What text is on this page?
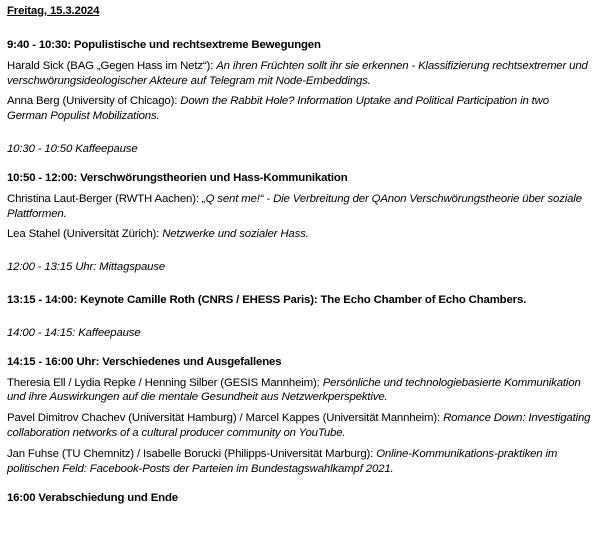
Freitag, 15.3.2024

9:40 - 10:30: Populistische und rechtsextreme Bewegungen

Harald Sick (BAG „Gegen Hass im Netz“): An ihren Früchten sollt ihr sie erkennen - Klassifizierung rechtsextremer und verschwörungsideologischer Akteure auf Telegram mit Node-Embeddings.

Anna Berg (University of Chicago): Down the Rabbit Hole? Information Uptake and Political Participation in two German Populist Mobilizations.

10:30 - 10:50 Kaffeepause

10:50 - 12:00: Verschwörungstheorien und Hass-Kommunikation

Christina Laut-Berger (RWTH Aachen): „Q sent me!“ - Die Verbreitung der QAnon Verschwörungstheorie über soziale Plattformen.

Lea Stahel (Universität Zürich): Netzwerke und sozialer Hass.

12:00 - 13:15 Uhr: Mittagspause

13:15 - 14:00: Keynote Camille Roth (CNRS / EHESS Paris): The Echo Chamber of Echo Chambers.

14:00 - 14:15: Kaffeepause

14:15 - 16:00 Uhr: Verschiedenes und Ausgefallenes

Theresia Ell / Lydia Repke / Henning Silber (GESIS Mannheim): Persönliche und technologiebasierte Kommunikation und ihre Auswirkungen auf die mentale Gesundheit aus Netzwerkperspektive.

Pavel Dimitrov Chachev (Universität Hamburg) / Marcel Kappes (Universität Mannheim): Romance Down: Investigating collaboration networks of a cultural producer community on YouTube.

Jan Fuhse (TU Chemnitz) / Isabelle Borucki (Philipps-Universität Marburg): Online-Kommunikations-praktiken im politischen Feld: Facebook-Posts der Parteien im Bundestagswahlkampf 2021.

16:00 Verabschiedung und Ende
